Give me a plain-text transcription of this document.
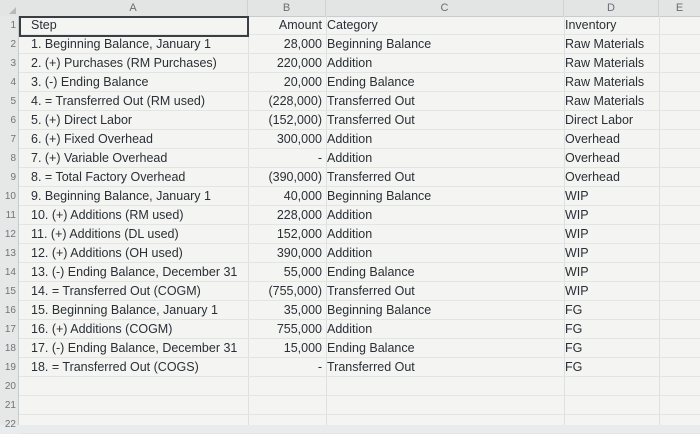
A	B	C	D	E
1
2
3
4
5
6
7
8
9
10
11
12
13
14
15
16
17
18
19
20
21
22
Step	Amount Category	Inventory
1. Beginning Balance, January 1	28,000 Beginning Balance	Raw Materials
2. (+) Purchases (RM Purchases)	220,000 Addition	Raw Materials
3. (-) Ending Balance	20,000 Ending Balance	Raw Materials
4. = Transferred Out (RM used)	(228,000) Transferred Out	Raw Materials
5. (+) Direct Labor	(152,000) Transferred Out	Direct Labor
6. (+) Fixed Overhead	300,000 Addition	Overhead
7. (+) Variable Overhead	- Addition	Overhead
8. = Total Factory Overhead	(390,000) Transferred Out	Overhead
9. Beginning Balance, January 1	40,000 Beginning Balance	WIP
10. (+) Additions (RM used)	228,000 Addition	WIP
11. (+) Additions (DL used)	152,000 Addition	WIP
12. (+) Additions (OH used)	390,000 Addition	WIP
13. (-) Ending Balance, December 31	55,000 Ending Balance	WIP
14. = Transferred Out (COGM)	(755,000) Transferred Out	WIP
15. Beginning Balance, January 1	35,000 Beginning Balance	FG
16. (+) Additions (COGM)	755,000 Addition	FG
17. (-) Ending Balance, December 31	15,000 Ending Balance	FG
18. = Transferred Out (COGS)	- Transferred Out	FG
